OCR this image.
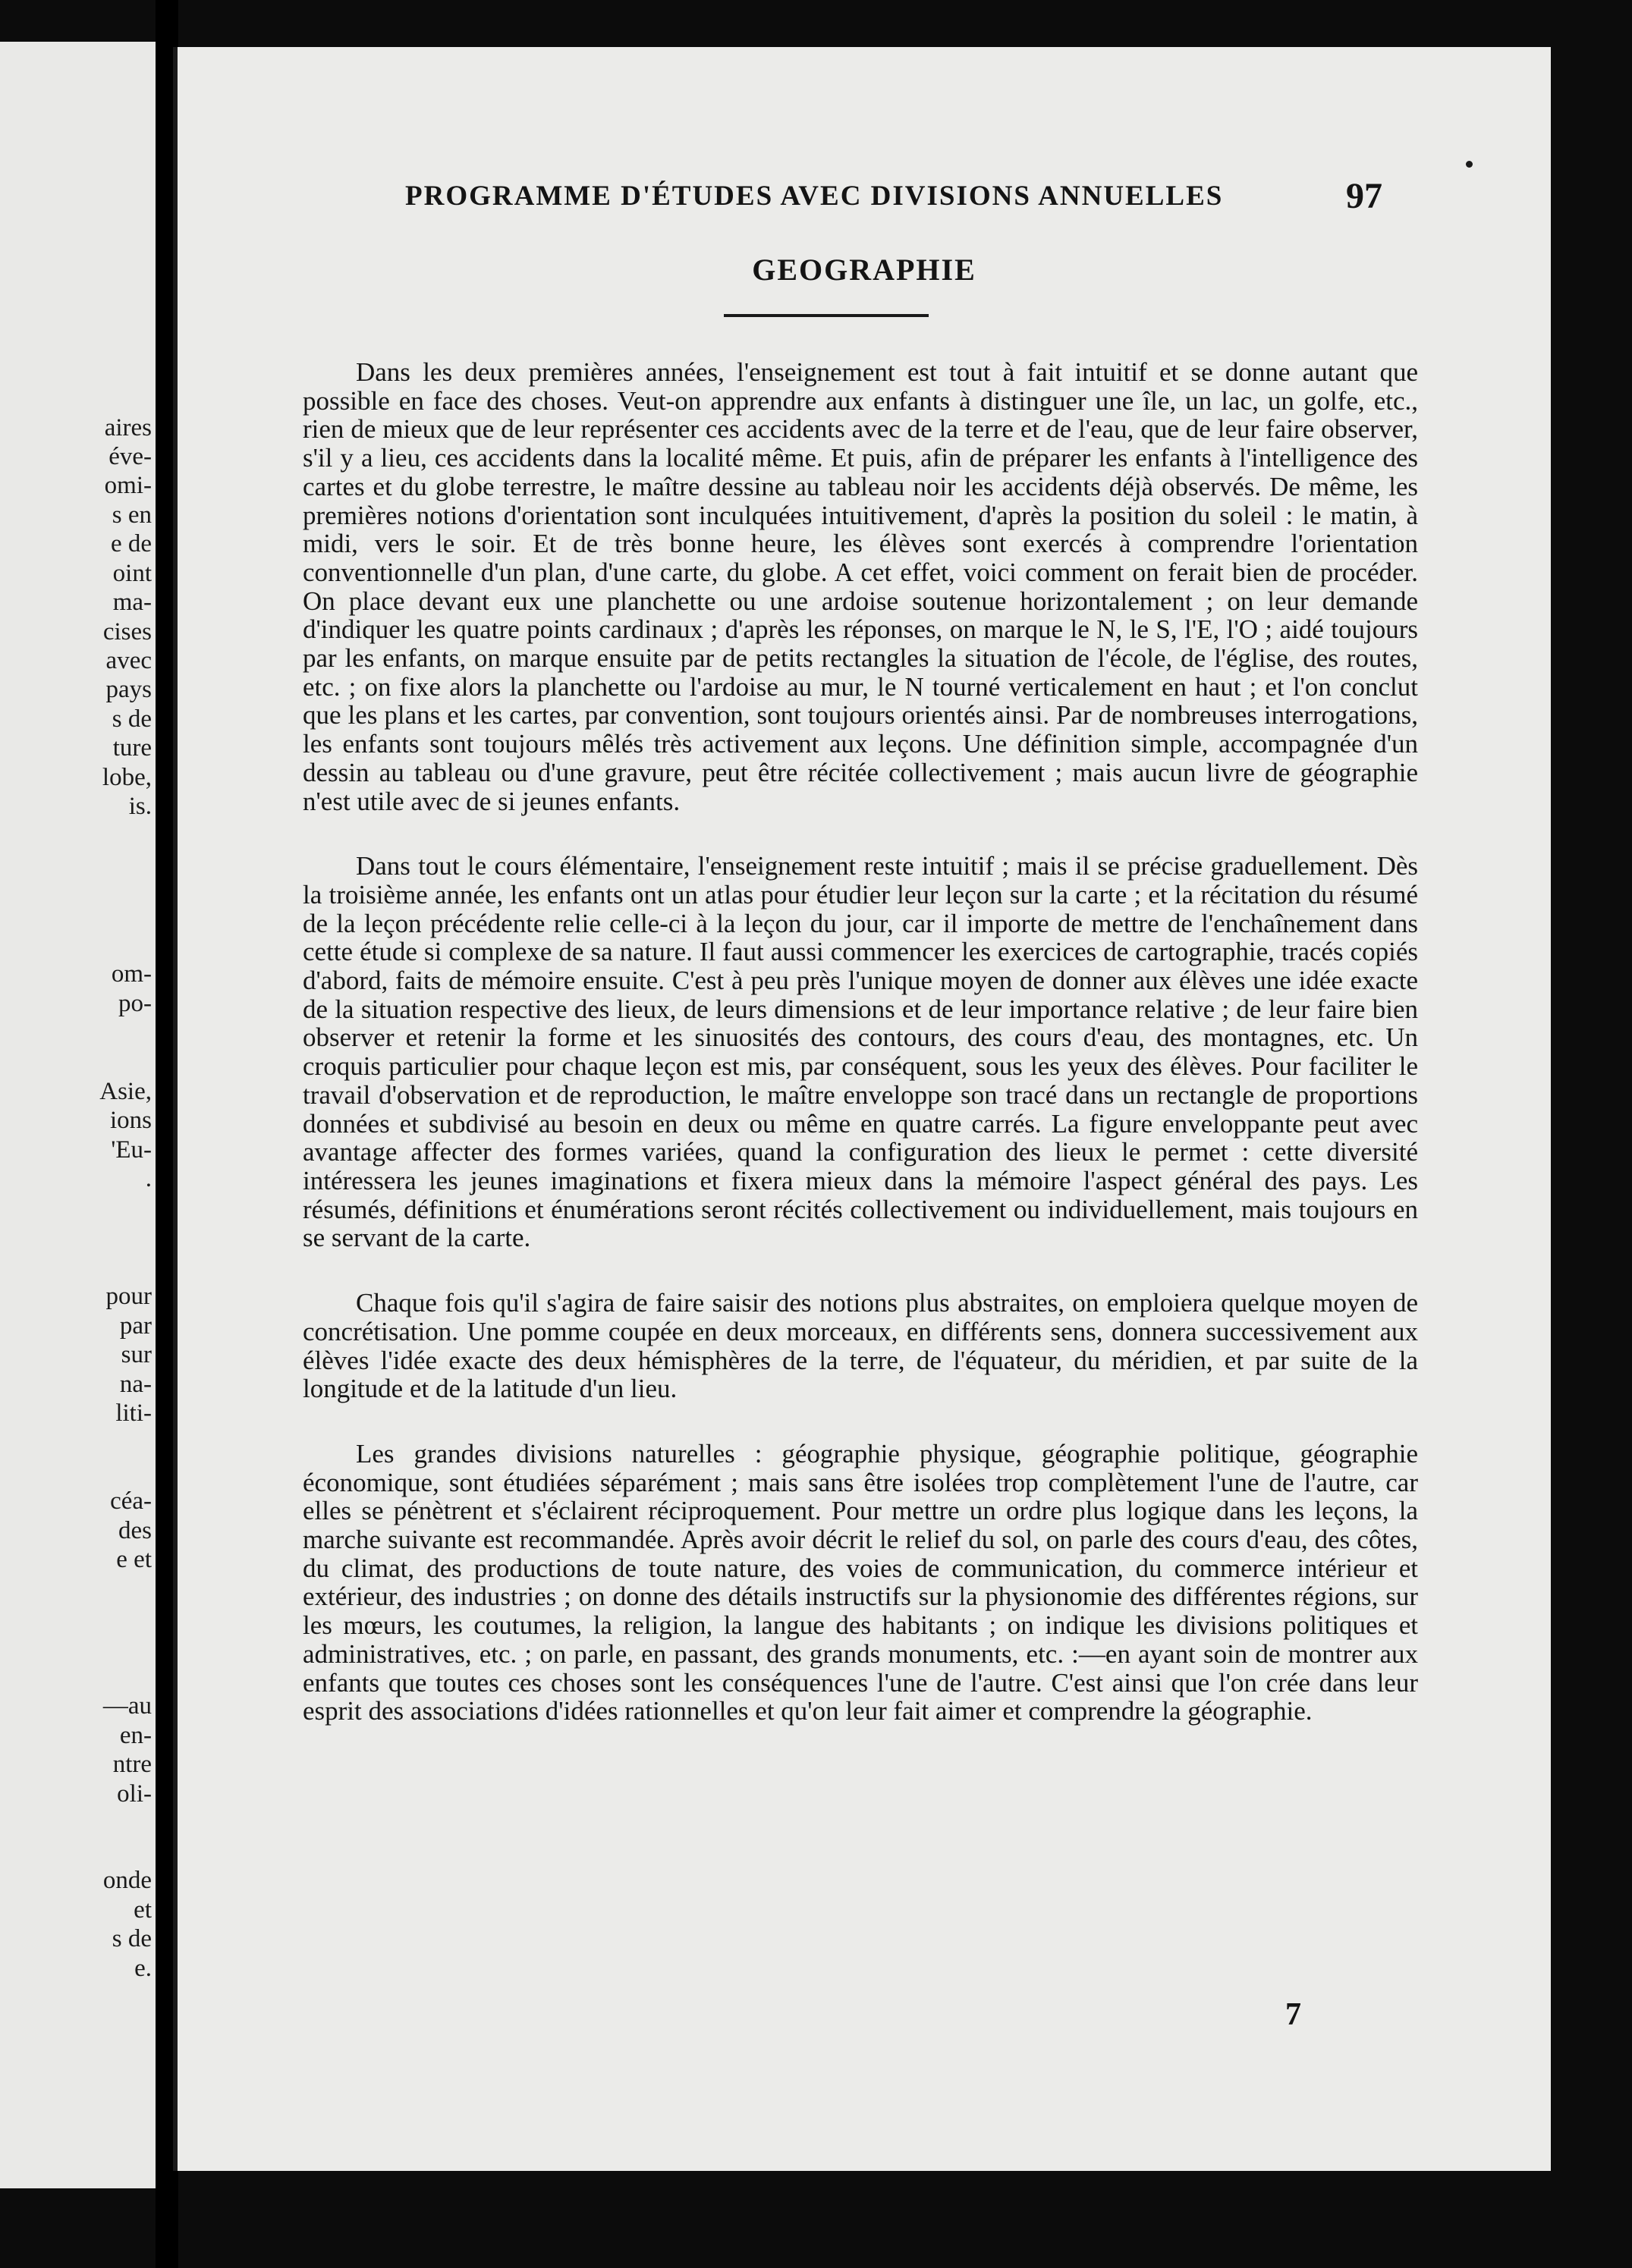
aires
éve-
omi-
s en
e de
oint
ma-
cises
avec
pays
s de
ture
lobe,
is.
om-
po-
Asie,
ions
'Eu-
.
pour
par
sur
na-
liti-
céa-
des
e et
—au
en-
ntre
oli-
onde
et
s de
e.
PROGRAMME D'ÉTUDES AVEC DIVISIONS ANNUELLES	97
GEOGRAPHIE

Dans les deux premières années, l'enseignement est tout à fait intuitif et se donne autant que possible en face des choses. Veut-on apprendre aux enfants à distinguer une île, un lac, un golfe, etc., rien de mieux que de leur représenter ces accidents avec de la terre et de l'eau, que de leur faire observer, s'il y a lieu, ces accidents dans la localité même. Et puis, afin de préparer les enfants à l'intelligence des cartes et du globe terrestre, le maître dessine au tableau noir les accidents déjà observés. De même, les premières notions d'orientation sont inculquées intuitivement, d'après la position du soleil : le matin, à midi, vers le soir. Et de très bonne heure, les élèves sont exercés à comprendre l'orientation conventionnelle d'un plan, d'une carte, du globe. A cet effet, voici comment on ferait bien de procéder. On place devant eux une planchette ou une ardoise soutenue horizontalement ; on leur demande d'indiquer les quatre points cardinaux ; d'après les réponses, on marque le N, le S, l'E, l'O ; aidé toujours par les enfants, on marque ensuite par de petits rectangles la situation de l'école, de l'église, des routes, etc. ; on fixe alors la planchette ou l'ardoise au mur, le N tourné verticalement en haut ; et l'on conclut que les plans et les cartes, par convention, sont toujours orientés ainsi. Par de nombreuses interrogations, les enfants sont toujours mêlés très activement aux leçons. Une définition simple, accompagnée d'un dessin au tableau ou d'une gravure, peut être récitée collectivement ; mais aucun livre de géographie n'est utile avec de si jeunes enfants.

Dans tout le cours élémentaire, l'enseignement reste intuitif ; mais il se précise graduellement. Dès la troisième année, les enfants ont un atlas pour étudier leur leçon sur la carte ; et la récitation du résumé de la leçon précédente relie celle-ci à la leçon du jour, car il importe de mettre de l'enchaînement dans cette étude si complexe de sa nature. Il faut aussi commencer les exercices de cartographie, tracés copiés d'abord, faits de mémoire ensuite. C'est à peu près l'unique moyen de donner aux élèves une idée exacte de la situation respective des lieux, de leurs dimensions et de leur importance relative ; de leur faire bien observer et retenir la forme et les sinuosités des contours, des cours d'eau, des montagnes, etc. Un croquis particulier pour chaque leçon est mis, par conséquent, sous les yeux des élèves. Pour faciliter le travail d'observation et de reproduction, le maître enveloppe son tracé dans un rectangle de proportions données et subdivisé au besoin en deux ou même en quatre carrés. La figure enveloppante peut avec avantage affecter des formes variées, quand la configuration des lieux le permet : cette diversité intéressera les jeunes imaginations et fixera mieux dans la mémoire l'aspect général des pays. Les résumés, définitions et énumérations seront récités collectivement ou individuellement, mais toujours en se servant de la carte.

Chaque fois qu'il s'agira de faire saisir des notions plus abstraites, on emploiera quelque moyen de concrétisation. Une pomme coupée en deux morceaux, en différents sens, donnera successivement aux élèves l'idée exacte des deux hémisphères de la terre, de l'équateur, du méridien, et par suite de la longitude et de la latitude d'un lieu.

Les grandes divisions naturelles : géographie physique, géographie politique, géographie économique, sont étudiées séparément ; mais sans être isolées trop complètement l'une de l'autre, car elles se pénètrent et s'éclairent réciproquement. Pour mettre un ordre plus logique dans les leçons, la marche suivante est recommandée. Après avoir décrit le relief du sol, on parle des cours d'eau, des côtes, du climat, des productions de toute nature, des voies de communication, du commerce intérieur et extérieur, des industries ; on donne des détails instructifs sur la physionomie des différentes régions, sur les mœurs, les coutumes, la religion, la langue des habitants ; on indique les divisions politiques et administratives, etc. ; on parle, en passant, des grands monuments, etc. :—en ayant soin de montrer aux enfants que toutes ces choses sont les conséquences l'une de l'autre. C'est ainsi que l'on crée dans leur esprit des associations d'idées rationnelles et qu'on leur fait aimer et comprendre la géographie.

7
